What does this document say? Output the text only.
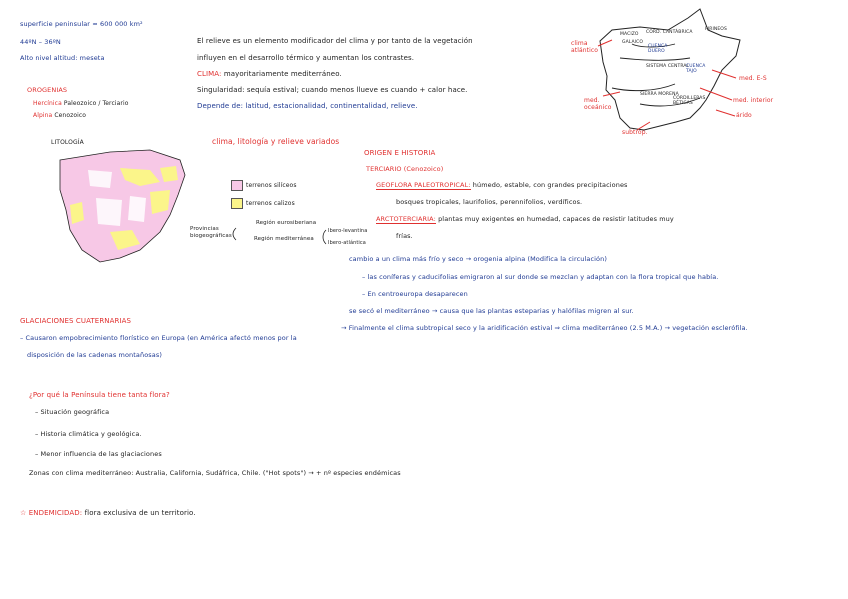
superficie peninsular ≈ 600 000 km²
44ºN – 36ºN
Alto nivel altitud: meseta
OROGENIAS
Hercínica Paleozoico / Terciario
Alpina Cenozoico
El relieve es un elemento modificador del clima y por tanto de la vegetación
influyen en el desarrollo térmico y aumentan los contrastes.
CLIMA: mayoritariamente mediterráneo.
Singularidad: sequía estival; cuando menos llueve es cuando + calor hace.
Depende de: latitud, estacionalidad, continentalidad, relieve.
MACIZO
GALAICO
CORD. CANTÁBRICA
PIRINEOS
CUENCA DUERO
SISTEMA CENTRAL
CUENCA TAJO
SIERRA MORENA
CORDILLERAS BÉTICAS
clima atlántico
med. E-S
med. oceánico
med. interior
árido
subtrop.
LITOLOGÍA	clima, litología y relieve variados
terrenos silíceos
terrenos calizos
Provincias
biogeográficas
Región eurosiberiana
Región mediterránea
Ibero-levantina
Ibero-atlántica
ORIGEN E HISTORIA
TERCIARIO (Cenozoico)
GEOFLORA PALEOTROPICAL: húmedo, estable, con grandes precipitaciones
bosques tropicales, laurifolios, perennifolios, verdíficos.
ARCTOTERCIARIA: plantas muy exigentes en humedad, capaces de resistir latitudes muy
frías.
cambio a un clima más frío y seco → orogenia alpina (Modifica la circulación)
– las coníferas y caducifolias emigraron al sur donde se mezclan y adaptan con la flora tropical que había.
– En centroeuropa desaparecen
se secó el mediterráneo → causa que las plantas esteparias y halófilas migren al sur.
→ Finalmente el clima subtropical seco y la aridificación estival ⇒ clima mediterráneo (2.5 M.A.) → vegetación esclerófila.
GLACIACIONES CUATERNARIAS
– Causaron empobrecimiento florístico en Europa (en América afectó menos por la
disposición de las cadenas montañosas)
¿Por qué la Península tiene tanta flora?
– Situación geográfica
– Historia climática y geológica.
– Menor influencia de las glaciaciones
Zonas con clima mediterráneo: Australia, California, Sudáfrica, Chile. ("Hot spots") → + nº especies endémicas
☆ ENDEMICIDAD: flora exclusiva de un territorio.
